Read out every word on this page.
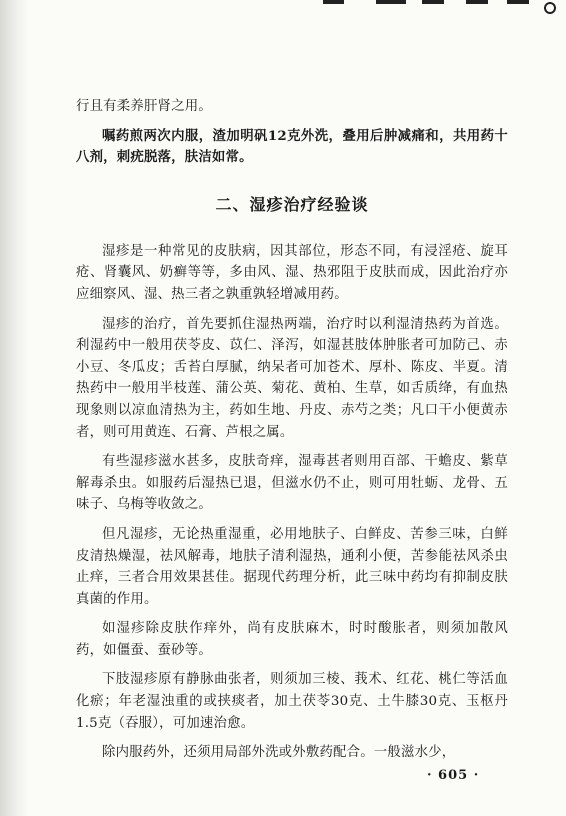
行且有柔养肝肾之用。

嘱药煎两次内服，渣加明矾12克外洗，叠用后肿减痛和，共用药十八剂，刺疣脱落，肤洁如常。

二、湿疹治疗经验谈

湿疹是一种常见的皮肤病，因其部位，形态不同，有浸淫疮、旋耳疮、肾囊风、奶癣等等，多由风、湿、热邪阻于皮肤而成，因此治疗亦应细察风、湿、热三者之孰重孰轻增减用药。

湿疹的治疗，首先要抓住湿热两端，治疗时以利湿清热药为首选。利湿药中一般用茯苓皮、苡仁、泽泻，如湿甚肢体肿胀者可加防己、赤小豆、冬瓜皮；舌苔白厚腻，纳呆者可加苍术、厚朴、陈皮、半夏。清热药中一般用半枝莲、蒲公英、菊花、黄柏、生草，如舌质绛，有血热现象则以凉血清热为主，药如生地、丹皮、赤芍之类；凡口干小便黄赤者，则可用黄连、石膏、芦根之属。

有些湿疹滋水甚多，皮肤奇痒，湿毒甚者则用百部、干蟾皮、紫草解毒杀虫。如服药后湿热已退，但滋水仍不止，则可用牡蛎、龙骨、五味子、乌梅等收敛之。

但凡湿疹，无论热重湿重，必用地肤子、白鲜皮、苦参三味，白鲜皮清热燥湿，祛风解毒，地肤子清利湿热，通利小便，苦参能祛风杀虫止痒，三者合用效果甚佳。据现代药理分析，此三味中药均有抑制皮肤真菌的作用。

如湿疹除皮肤作痒外，尚有皮肤麻木，时时酸胀者，则须加散风药，如僵蚕、蚕砂等。

下肢湿疹原有静脉曲张者，则须加三棱、莪术、红花、桃仁等活血化瘀；年老湿浊重的或挟痰者，加土茯苓30克、土牛膝30克、玉枢丹1.5克（吞服），可加速治愈。

除内服药外，还须用局部外洗或外敷药配合。一般滋水少，

· 605 ·
